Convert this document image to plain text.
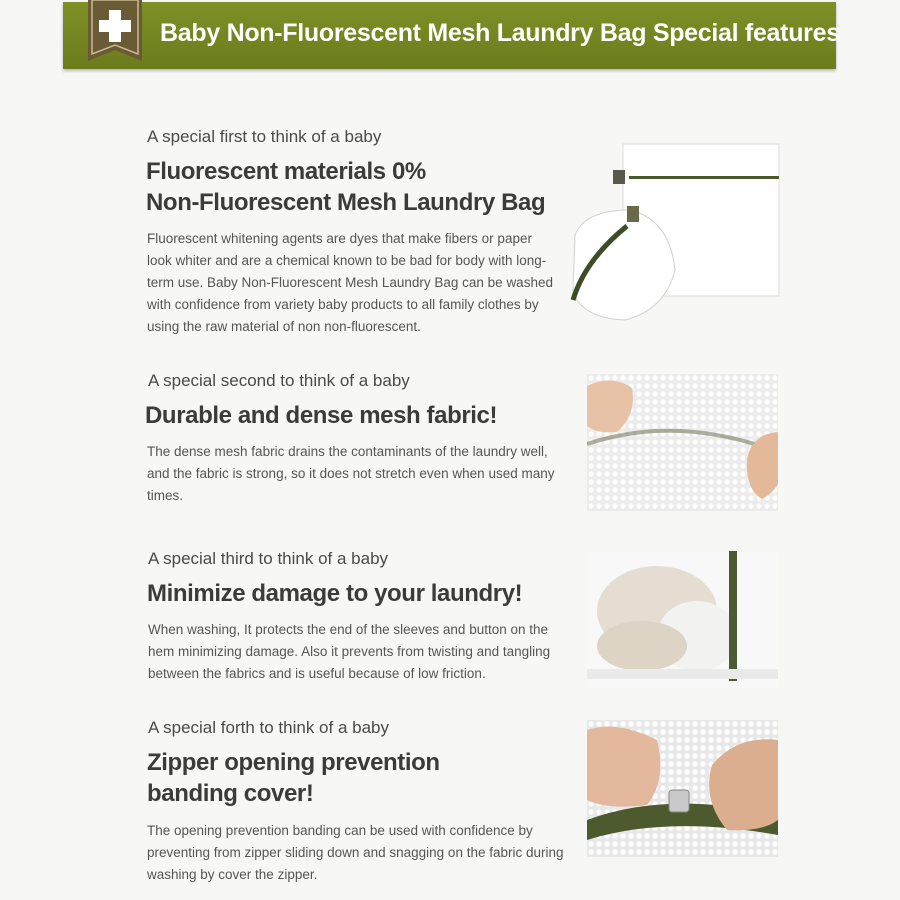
Baby Non-Fluorescent Mesh Laundry Bag Special features
A special first to think of a baby
Fluorescent materials 0%
Non-Fluorescent Mesh Laundry Bag
Fluorescent whitening agents are dyes that make fibers or paper look whiter and are a chemical known to be bad for body with long-term use. Baby Non-Fluorescent Mesh Laundry Bag can be washed with confidence from variety baby products to all family clothes by using the raw material of non non-fluorescent.
A special second to think of a baby
Durable and dense mesh fabric!
The dense mesh fabric drains the contaminants of the laundry well, and the fabric is strong, so it does not stretch even when used many times.
A special third to think of a baby
Minimize damage to your laundry!
When washing, It protects the end of the sleeves and button on the hem minimizing damage. Also it prevents from twisting and tangling between the fabrics and is useful because of low friction.
A special forth to think of a baby
Zipper opening prevention
banding cover!
The opening prevention banding can be used with confidence by preventing from zipper sliding down and snagging on the fabric during washing by cover the zipper.
